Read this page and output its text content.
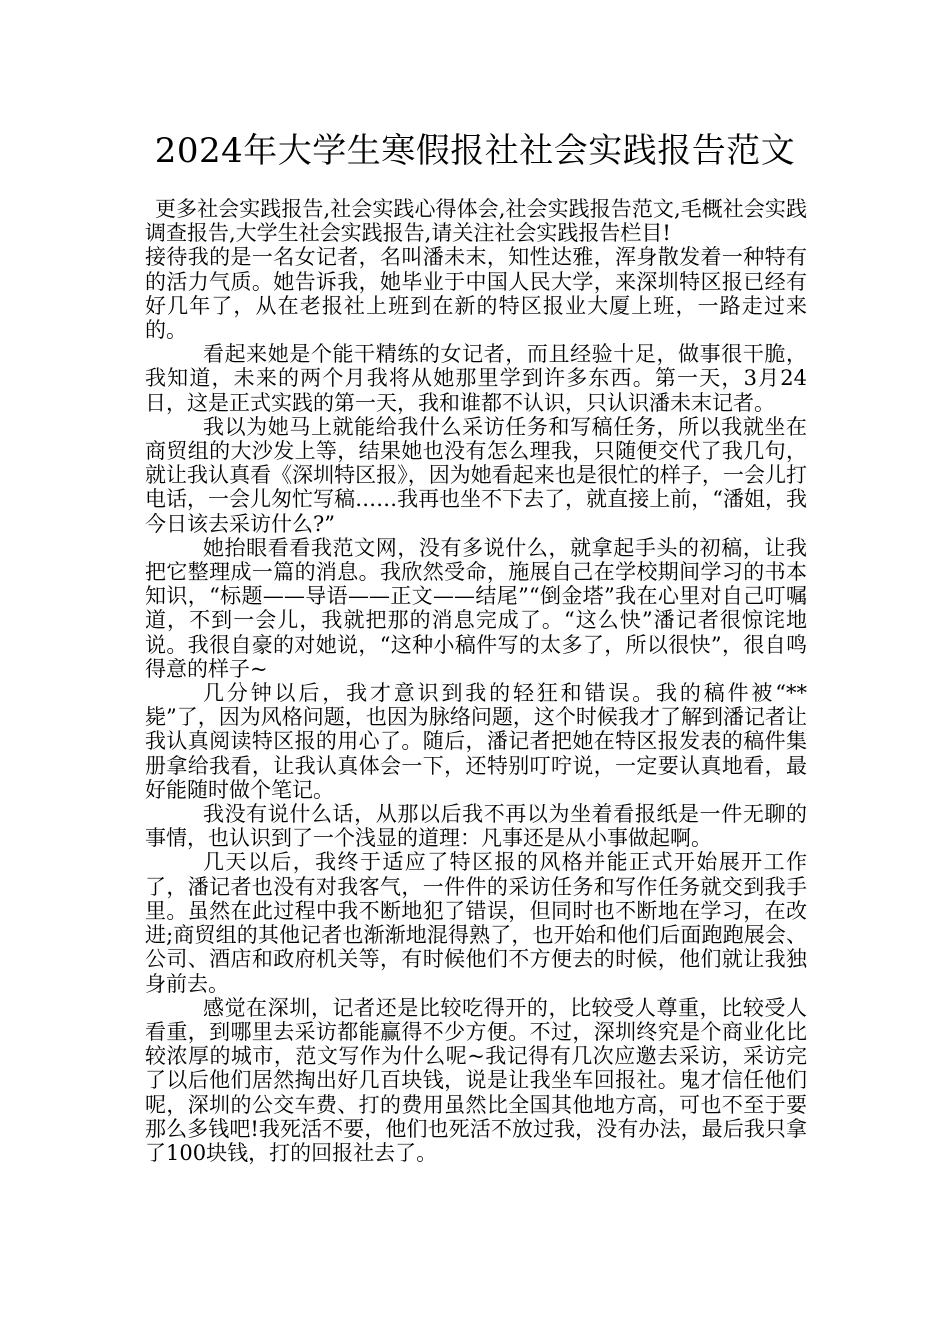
2024年大学生寒假报社社会实践报告范文

更多社会实践报告,社会实践心得体会,社会实践报告范文,毛概社会实践调查报告,大学生社会实践报告,请关注社会实践报告栏目!

接待我的是一名女记者，名叫潘未末，知性达雅，浑身散发着一种特有的活力气质。她告诉我，她毕业于中国人民大学，来深圳特区报已经有好几年了，从在老报社上班到在新的特区报业大厦上班，一路走过来的。

看起来她是个能干精练的女记者，而且经验十足，做事很干脆，我知道，未来的两个月我将从她那里学到许多东西。第一天，3月24日，这是正式实践的第一天，我和谁都不认识，只认识潘未末记者。

我以为她马上就能给我什么采访任务和写稿任务，所以我就坐在商贸组的大沙发上等，结果她也没有怎么理我，只随便交代了我几句，就让我认真看《深圳特区报》，因为她看起来也是很忙的样子，一会儿打电话，一会儿匆忙写稿……我再也坐不下去了，就直接上前，“潘姐，我今日该去采访什么?”

她抬眼看看我范文网，没有多说什么，就拿起手头的初稿，让我把它整理成一篇的消息。我欣然受命，施展自己在学校期间学习的书本知识，“标题——导语——正文——结尾”“倒金塔”我在心里对自己叮嘱道，不到一会儿，我就把那的消息完成了。“这么快”潘记者很惊诧地说。我很自豪的对她说，“这种小稿件写的太多了，所以很快”，很自鸣得意的样子~

几分钟以后，我才意识到我的轻狂和错误。我的稿件被“**毙”了，因为风格问题，也因为脉络问题，这个时候我才了解到潘记者让我认真阅读特区报的用心了。随后，潘记者把她在特区报发表的稿件集册拿给我看，让我认真体会一下，还特别叮咛说，一定要认真地看，最好能随时做个笔记。

我没有说什么话，从那以后我不再以为坐着看报纸是一件无聊的事情，也认识到了一个浅显的道理：凡事还是从小事做起啊。

几天以后，我终于适应了特区报的风格并能正式开始展开工作了，潘记者也没有对我客气，一件件的采访任务和写作任务就交到我手里。虽然在此过程中我不断地犯了错误，但同时也不断地在学习，在改进;商贸组的其他记者也渐渐地混得熟了，也开始和他们后面跑跑展会、公司、酒店和政府机关等，有时候他们不方便去的时候，他们就让我独身前去。

感觉在深圳，记者还是比较吃得开的，比较受人尊重，比较受人看重，到哪里去采访都能赢得不少方便。不过，深圳终究是个商业化比较浓厚的城市，范文写作为什么呢~我记得有几次应邀去采访，采访完了以后他们居然掏出好几百块钱，说是让我坐车回报社。鬼才信任他们呢，深圳的公交车费、打的费用虽然比全国其他地方高，可也不至于要那么多钱吧!我死活不要，他们也死活不放过我，没有办法，最后我只拿了100块钱，打的回报社去了。
